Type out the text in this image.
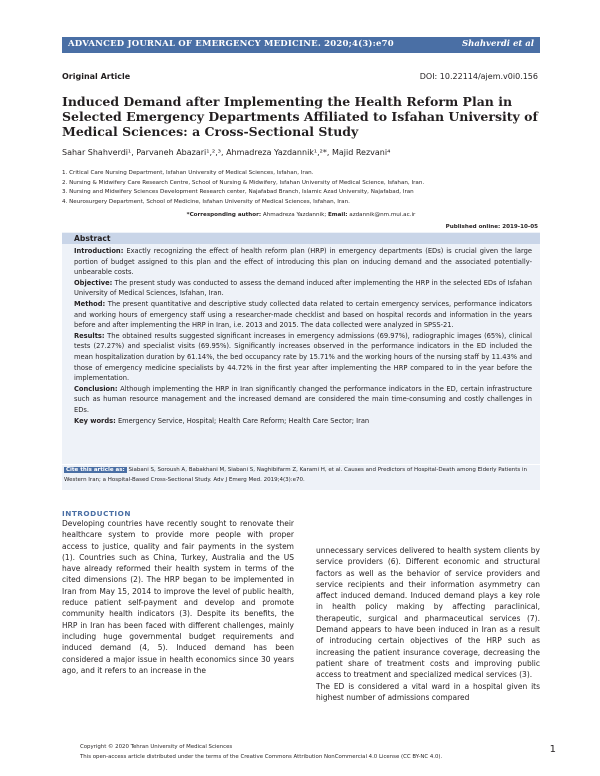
ADVANCED JOURNAL OF EMERGENCY MEDICINE. 2020;4(3):e70	Shahverdi et al
Original Article	DOI: 10.22114/ajem.v0i0.156
Induced Demand after Implementing the Health Reform Plan in Selected Emergency Departments Affiliated to Isfahan University of Medical Sciences: a Cross-Sectional Study
Sahar Shahverdi¹, Parvaneh Abazari¹,²,³, Ahmadreza Yazdannik¹,²*, Majid Rezvani⁴
1. Critical Care Nursing Department, Isfahan University of Medical Sciences, Isfahan, Iran.
2. Nursing & Midwifery Care Research Centre, School of Nursing & Midwifery, Isfahan University of Medical Science, Isfahan, Iran.
3. Nursing and Midwifery Sciences Development Research center, Najafabad Branch, Islamic Azad University, Najafabad, Iran
4. Neurosurgery Department, School of Medicine, Isfahan University of Medical Sciences, Isfahan, Iran.
*Corresponding author: Ahmadreza Yazdannik; Email: azdannik@nm.mui.ac.ir
Published online: 2019-10-05
Abstract

Introduction: Exactly recognizing the effect of health reform plan (HRP) in emergency departments (EDs) is crucial given the large portion of budget assigned to this plan and the effect of introducing this plan on inducing demand and the associated potentially-unbearable costs.

Objective: The present study was conducted to assess the demand induced after implementing the HRP in the selected EDs of Isfahan University of Medical Sciences, Isfahan, Iran.

Method: The present quantitative and descriptive study collected data related to certain emergency services, performance indicators and working hours of emergency staff using a researcher-made checklist and based on hospital records and information in the years before and after implementing the HRP in Iran, i.e. 2013 and 2015. The data collected were analyzed in SPSS-21.

Results: The obtained results suggested significant increases in emergency admissions (69.97%), radiographic images (65%), clinical tests (27.27%) and specialist visits (69.95%). Significantly increases observed in the performance indicators in the ED included the mean hospitalization duration by 61.14%, the bed occupancy rate by 15.71% and the working hours of the nursing staff by 11.43% and those of emergency medicine specialists by 44.72% in the first year after implementing the HRP compared to in the year before the implementation.

Conclusion: Although implementing the HRP in Iran significantly changed the performance indicators in the ED, certain infrastructure such as human resource management and the increased demand are considered the main time-consuming and costly challenges in EDs.

Key words: Emergency Service, Hospital; Health Care Reform; Health Care Sector; Iran

Cite this article as: Siabani S, Soroush A, Babakhani M, Siabani S, Naghibifarm Z, Karami H, et al. Causes and Predictors of Hospital-Death among Elderly Patients in Western Iran; a Hospital-Based Cross-Sectional Study. Adv J Emerg Med. 2019;4(3):e70.
INTRODUCTION

Developing countries have recently sought to renovate their healthcare system to provide more people with proper access to justice, quality and fair payments in the system (1). Countries such as China, Turkey, Australia and the US have already reformed their health system in terms of the cited dimensions (2). The HRP began to be implemented in Iran from May 15, 2014 to improve the level of public health, reduce patient self-payment and develop and promote community health indicators (3). Despite its benefits, the HRP in Iran has been faced with different challenges, mainly including huge governmental budget requirements and induced demand (4, 5). Induced demand has been considered a major issue in health economics since 30 years ago, and it refers to an increase in the

unnecessary services delivered to health system clients by service providers (6). Different economic and structural factors as well as the behavior of service providers and service recipients and their information asymmetry can affect induced demand. Induced demand plays a key role in health policy making by affecting paraclinical, therapeutic, surgical and pharmaceutical services (7). Demand appears to have been induced in Iran as a result of introducing certain objectives of the HRP such as increasing the patient insurance coverage, decreasing the patient share of treatment costs and improving public access to treatment and specialized medical services (3).

The ED is considered a vital ward in a hospital given its highest number of admissions compared

Copyright © 2020 Tehran University of Medical Sciences
This open-access article distributed under the terms of the Creative Commons Attribution NonCommercial 4.0 License (CC BY-NC 4.0).
1
